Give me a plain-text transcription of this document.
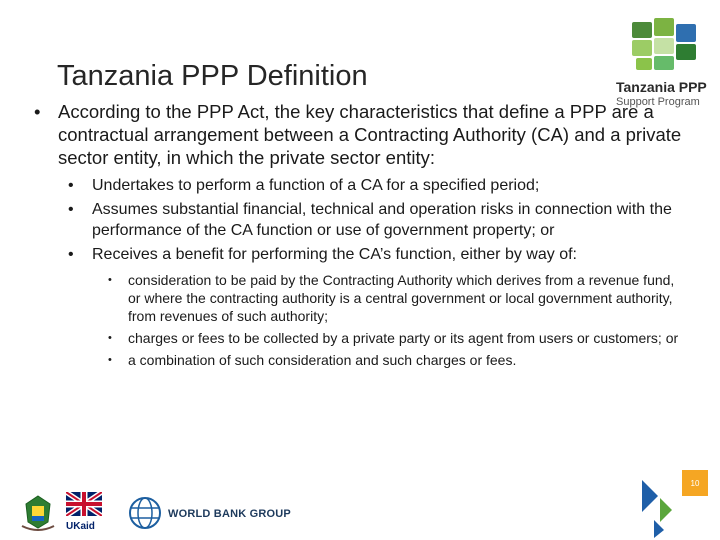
Tanzania PPP Definition	Tanzania PPP
Support Program
• According to the PPP Act, the key characteristics that define a PPP are a contractual arrangement between a Contracting Authority (CA) and a private sector entity, in which the private sector entity:
• Undertakes to perform a function of a CA for a specified period;
• Assumes substantial financial, technical and operation risks in connection with the performance of the CA function or use of government property; or
• Receives a benefit for performing the CA’s function, either by way of:
• consideration to be paid by the Contracting Authority which derives from a revenue fund, or where the contracting authority is a central government or local government authority, from revenues of such authority;
• charges or fees to be collected by a private party or its agent from users or customers; or
• a combination of such consideration and such charges or fees.
UKaid
WORLD BANK GROUP
10
